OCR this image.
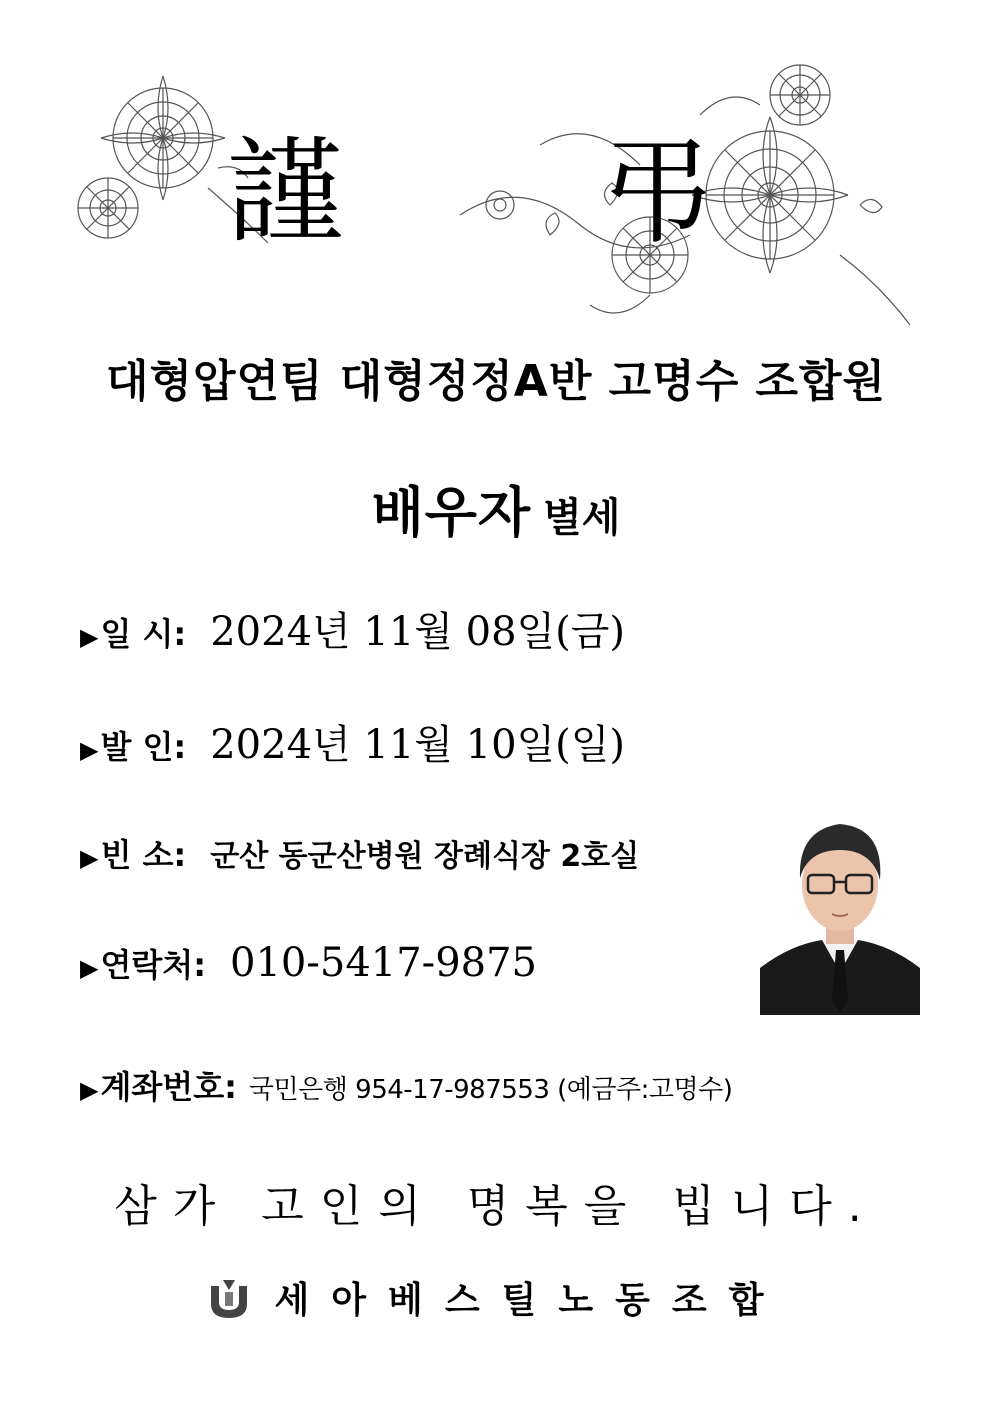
謹 弔
대형압연팀 대형정정A반 고명수 조합원
배우자 별세
▶일 시: 2024년 11월 08일(금)
▶발 인: 2024년 11월 10일(일)
▶빈 소: 군산 동군산병원 장례식장 2호실
▶연락처: 010-5417-9875
▶계좌번호: 국민은행 954-17-987553 (예금주:고명수)
삼가 고인의 명복을 빕니다.
세아베스틸노동조합
